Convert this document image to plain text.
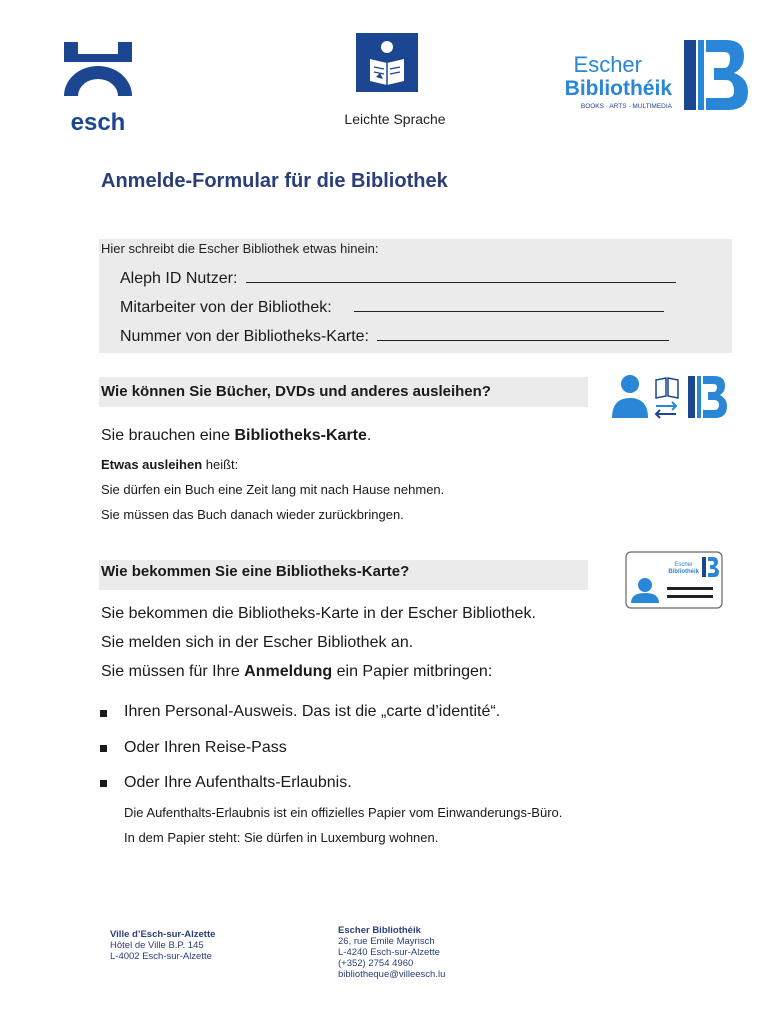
esch	Leichte Sprache
Escher
Bibliothéik
BOOKS · ARTS · MULTIMEDIA
Anmelde-Formular für die Bibliothek
Hier schreibt die Escher Bibliothek etwas hinein:
Aleph ID Nutzer:
Mitarbeiter von der Bibliothek:
Nummer von der Bibliotheks-Karte:
Wie können Sie Bücher, DVDs und anderes ausleihen?
Sie brauchen eine Bibliotheks-Karte.
Etwas ausleihen heißt:
Sie dürfen ein Buch eine Zeit lang mit nach Hause nehmen.
Sie müssen das Buch danach wieder zurückbringen.
Wie bekommen Sie eine Bibliotheks-Karte?	Escher
Bibliothéik
Sie bekommen die Bibliotheks-Karte in der Escher Bibliothek.
Sie melden sich in der Escher Bibliothek an.
Sie müssen für Ihre Anmeldung ein Papier mitbringen:
Ihren Personal-Ausweis. Das ist die „carte d’identité“.
Oder Ihren Reise-Pass
Oder Ihre Aufenthalts-Erlaubnis.
Die Aufenthalts-Erlaubnis ist ein offizielles Papier vom Einwanderungs-Büro.
In dem Papier steht: Sie dürfen in Luxemburg wohnen.
Ville d’Esch-sur-Alzette
Hôtel de Ville B.P. 145
L-4002 Esch-sur-Alzette
Escher Bibliothéik
26, rue Emile Mayrisch
L-4240 Esch-sur-Alzette
(+352) 2754 4960
bibliotheque@villeesch.lu
